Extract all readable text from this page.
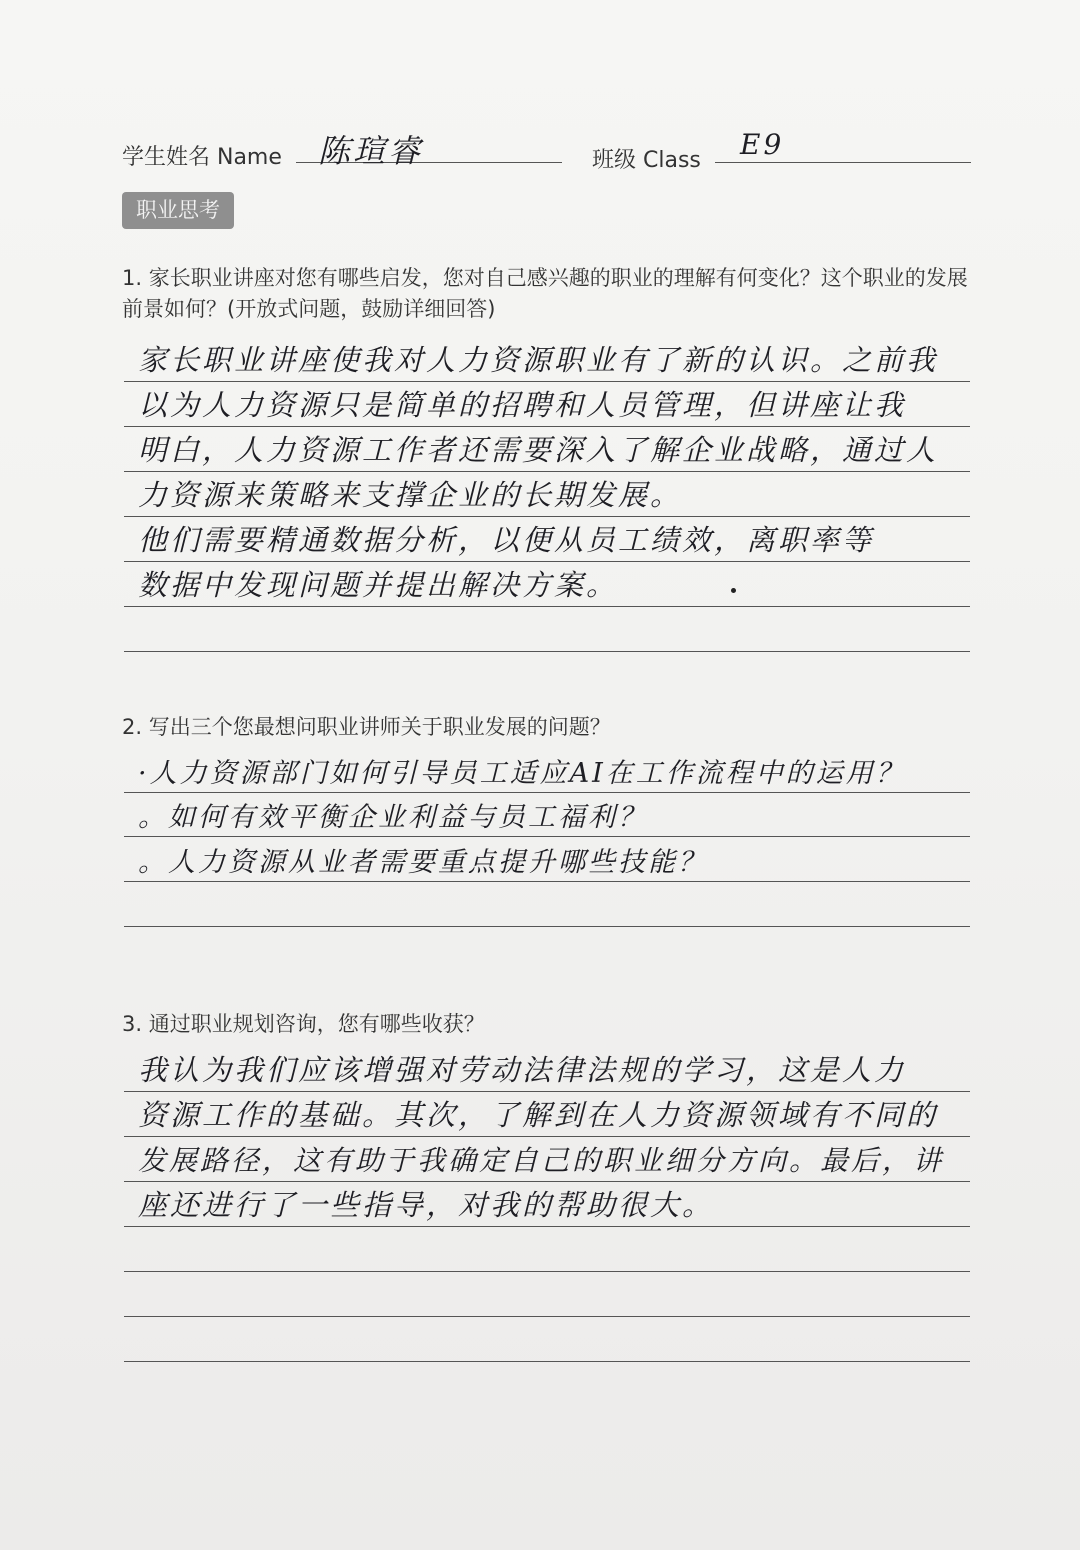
学生姓名 Name 陈瑄睿	班级 Class E9
职业思考
1. 家长职业讲座对您有哪些启发，您对自己感兴趣的职业的理解有何变化？这个职业的发展前景如何？(开放式问题，鼓励详细回答)
家长职业讲座使我对人力资源职业有了新的认识。之前我
以为人力资源只是简单的招聘和人员管理，但讲座让我
明白，人力资源工作者还需要深入了解企业战略，通过人
力资源来策略来支撑企业的长期发展。
他们需要精通数据分析，以便从员工绩效，离职率等
数据中发现问题并提出解决方案。
2. 写出三个您最想问职业讲师关于职业发展的问题？
·人力资源部门如何引导员工适应AI在工作流程中的运用？
。如何有效平衡企业利益与员工福利？
。人力资源从业者需要重点提升哪些技能？
3. 通过职业规划咨询，您有哪些收获？
我认为我们应该增强对劳动法律法规的学习，这是人力
资源工作的基础。其次，了解到在人力资源领域有不同的
发展路径，这有助于我确定自己的职业细分方向。最后，讲
座还进行了一些指导，对我的帮助很大。
